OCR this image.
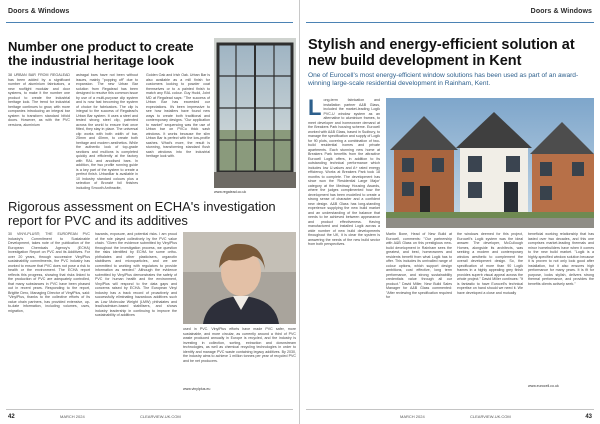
Doors & Windows
Number one product to create the industrial heritage look

38 URBAN BAR FROM REGALEAD has been added by a significant number of aluminium fabricators, a new rooflight modular and door systems, to make it the number one product to create the industrial heritage look. The trend for industrial heritage continues to grow, with more companies introducing an integral bar system to transform standard bifold doors. However, as with the PVC versions, aluminium

astragal bars have not been without issues, mainly "popping off" due to expansion. The new Urban Bar solution from Regalead has been designed to resolve this common issue by use of a multi-purpose clip system and is now fast becoming the system of choice for fabricators. The clip is integral to the success of Regalead's Urban Bar system. It uses a steel and tested strong steel clip, patented across the world to ensure that once fitted, they stay in place. The universal clip works with both width of bar, 25mm and 40mm, to create both heritage and modern aesthetics. While the authentic look of top-grade sections and mullions is completed quickly and efficiently at the factory with RAL and anodised bars. In addition, the two profile running guide is a key part of the system to create a perfect finish. UrbanBar is available in 10 industry standard colours plus a selection of Bronzlé foil finishes including Smooth Anthracite,

Golden Oak and Irish Oak. Urban Bar is also available as a mill finish for customers looking to powder coat themselves or to a painted finish to match any RAL colour. Guy Hudd, Joint MD at Regalead says: "The success of Urban Bar has exceeded our expectations. It's been impressive to see how installers have found new ways to create both traditional and contemporary designs. "Our application to market" sequencing was the use of Urban bar on PVCu thick sash windows. It works because the slim Urban Bar is perfect with the low-profile sashes. What's more, the result is stunning, transforming standard flush sash windows into the industrial heritage look with.

www.regalead.co.uk
Rigorous assessment on ECHA's investigation report for PVC and its additives

30 VINYLPLUS®, THE EUROPEAN PVC industry's Commitment to Sustainable Development, takes note of the publication of the European Chemicals Agency's (ECHA) Investigation Report on PVC and its Additives. For over 20 years, through successive VinylPlus sustainability commitments, the PVC industry has worked to ensure that PVC does not pose a risk to health or the environment. The ECHA report reflects this progress, showing that risks linked to the production of PVC are adequately controlled, that many substances in PVC have been phased out in recent years. Responding to the report, Brigitte Dero, Managing Director of VinylPlus, said: "VinylPlus, thanks to the collective efforts of its value chain partners, has provided extensive, up-to-date information, including volumes, uses, migration,

hazards, exposure, and potential risks. I am proud of the role played collectively by the PVC value chain. "Given the evidence submitted by VinylPlus throughout the investigation process, we question the risks identified by ECHA for some ortho-phthalates and other plasticisers, organotin stabilisers and microparticles, and we are committed to working with regulators to provide information as needed." Although the evidence submitted by VinylPlus demonstrates the safety of PVC for human health and the environment, VinylPlus will respond to the data gaps and concerns raised by ECHA. The European Vinyl Industry has a track record of proactively and successfully eliminating hazardous additives such as Low Molecular Weight (LMW) phthalates and lead/cadmium-based stabilisers, and shows industry leadership in continuing to improve the sustainability of additives

used in PVC. VinylPlus efforts have made PVC safer, more sustainable, and more circular, as currently around a third of PVC waste produced annually in Europe is recycled, and the industry is investing in collection, sorting, extraction and downstream technologies, as well as chemical recycling technologies in order to identify and manage PVC waste containing legacy additives. By 2030, the industry aims to achieve 1 million tonnes per year of recycled PVC and be net producers.

www.vinylplus.eu
42	MARCH 2024	CLEARVIEW-UK.COM
Doors & Windows
Stylish and energy-efficient solution at new build development in Kent
One of Eurocell's most energy-efficient window solutions has been used as part of an award-winning large-scale residential development in Rainham, Kent.
L ong-term fabrication and installation partner A&B Glass, included the market-leading Logik PVC-U window system as an alternative to aluminium frames, to meet developer and homeowner demand at the Breakers Park housing scheme. Eurocell worked with A&B Glass, based in Sudbury, to manage the specification and supply of Logik for 90 plots, covering a combination of two-build residential homes and private apartments. Each stunning new home at Breakers Park benefits from the attractive Eurocell Logik offers, in addition to its outstanding technical performance which includes low U-values and A+ rated energy efficiency. Works at Breakers Park took 18 months to complete. The development has since won the 'Residential Large Major' category at the Medway Housing Awards, where the judges complimented how the development has been modelled to create a strong sense of character and a confident new design. A&B Glass has long-standing experience supplying the new build market and an understanding of the balance that needs to be achieved between appearance and product effectiveness. Having manufactured and installed Logik across a wide number of new build developments throughout the UK, it is clear the system is answering the needs of the new build sector from both perspectives.

Martin Bone, Head of New Build at Eurocell, comments: "Our partnership with A&B Glass on this prestigious new-build development in Rainham sees the greatest, and best, homeowners and residents benefit from what Logik has to offer. This includes its unrivalled range of colour options, which support design ambitions, cost effective, long term performance, and strong sustainability credentials value through all our product." David Miller, New Build Sales Manager for A&B Glass commented: "After reviewing the specification required for

the windows deemed for this project, Eurocell's Logik system was the ideal answer. The developer, McCullough Homes, alongside its architects, was seeking a modern and contemporary window aesthetic to complement the overall development design. So, the specification of more than 90 Logik frames in a highly appealing grey finish provides superb visual appeal across the whole project." David Miller continues: "It is fantastic to have Eurocell's technical expertise on hand should we need it. We have developed a close and mutually

beneficial working relationship that has lasted over two decades, and this one comprises market-leading thermals and minor homebuilders have when it comes to the new build market. "Logik is a highly-specified window solution because it is proven to not only look good after installation, but it also ensures high performance for many years. It is fit for purpose, looks stylish, delivers strong thermal performance, and provides the benefits clients actively seek."

www.eurocell.co.uk
MARCH 2024	CLEARVIEW-UK.COM	43
